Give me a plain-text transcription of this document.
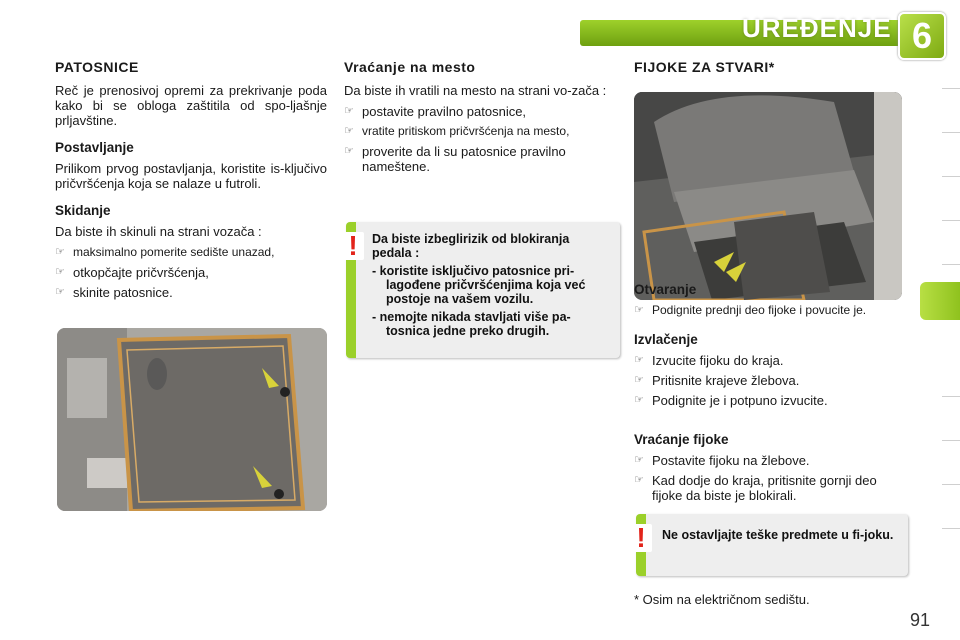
UREĐENJE 6
PATOSNICE

Reč je prenosivoj opremi za prekrivanje poda kako bi se obloga zaštitila od spo-ljašnje prljavštine.

Postavljanje

Prilikom prvog postavljanja, koristite is-ključivo pričvršćenja koja se nalaze u futroli.

Skidanje

Da biste ih skinuli na strani vozača :

☞ maksimalno pomerite sedište unazad,
☞ otkopčajte pričvršćenja,
☞ skinite patosnice.
Vraćanje na mesto

Da biste ih vratili na mesto na strani vo-zača :

☞ postavite pravilno patosnice,
☞ vratite pritiskom pričvršćenja na mesto,
☞ proverite da li su patosnice pravilno nameštene.
Da biste izbeglirizik od blokiranja pedala :
- koristite isključivo patosnice pri-lagođene pričvršćenjima koja već postoje na vašem vozilu.
- nemojte nikada stavljati više pa-tosnica jedne preko drugih.
!
FIJOKE ZA STVARI*
Otvaranje
☞ Podignite prednji deo fijoke i povucite je.
Izvlačenje
☞ Izvucite fijoku do kraja.
☞ Pritisnite krajeve žlebova.
☞ Podignite je i potpuno izvucite.
Vraćanje fijoke
☞ Postavite fijoku na žlebove.
☞ Kad dodje do kraja, pritisnite gornji deo fijoke da biste je blokirali.
Ne ostavljajte teške predmete u fi-joku.
!
* Osim na električnom sedištu.
91
